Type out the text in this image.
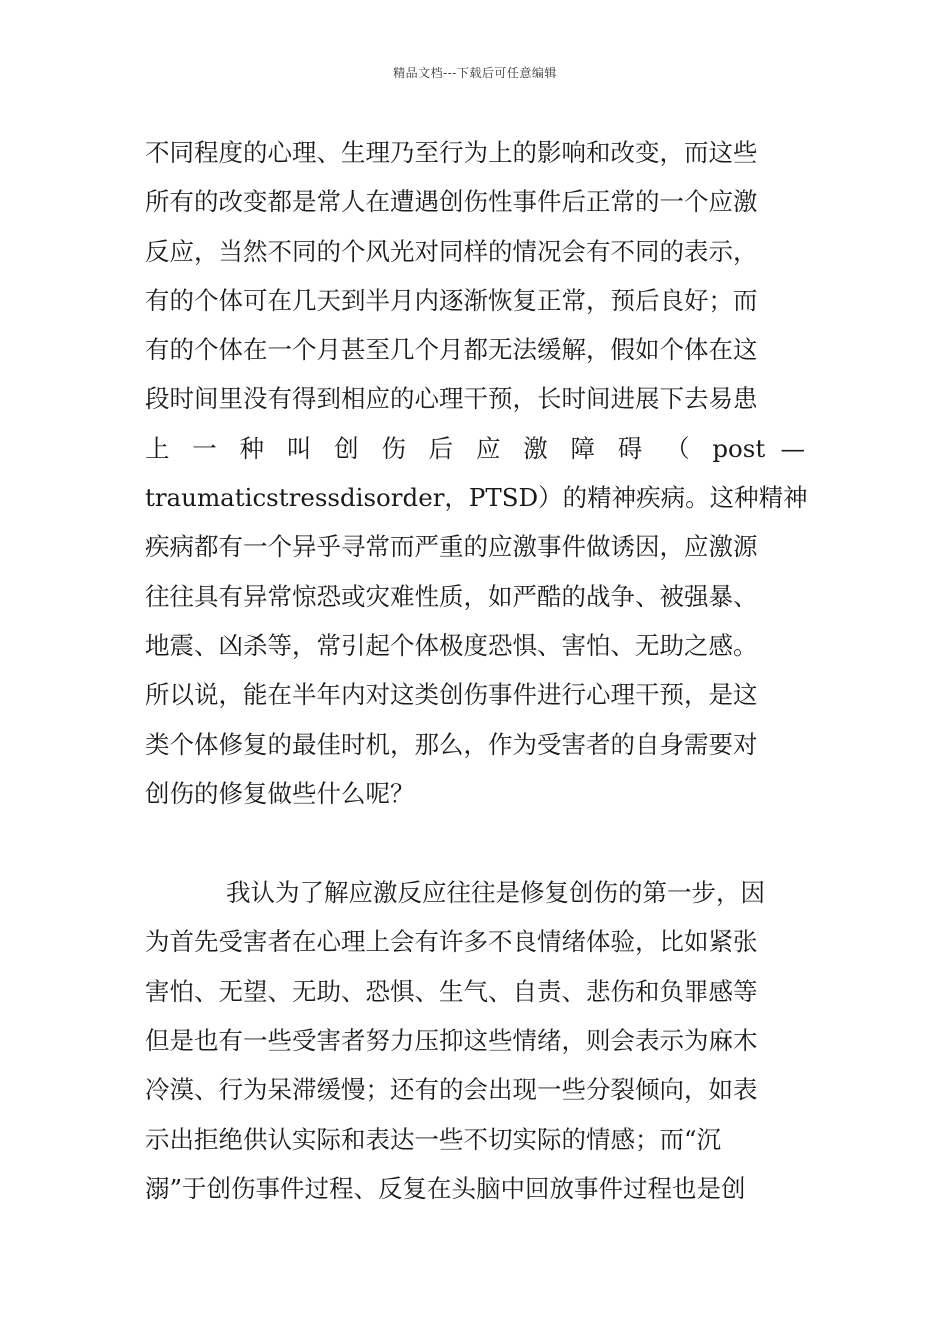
精品文档---下载后可任意编辑
不同程度的心理、生理乃至行为上的影响和改变，而这些
所有的改变都是常人在遭遇创伤性事件后正常的一个应激
反应，当然不同的个风光对同样的情况会有不同的表示，
有的个体可在几天到半月内逐渐恢复正常，预后良好；而
有的个体在一个月甚至几个月都无法缓解，假如个体在这
段时间里没有得到相应的心理干预，长时间进展下去易患
上 一 种 叫 创 伤 后 应 激 障 碍 （ post —
traumaticstressdisorder，PTSD）的精神疾病。这种精神
疾病都有一个异乎寻常而严重的应激事件做诱因，应激源
往往具有异常惊恐或灾难性质，如严酷的战争、被强暴、
地震、凶杀等，常引起个体极度恐惧、害怕、无助之感。
所以说，能在半年内对这类创伤事件进行心理干预，是这
类个体修复的最佳时机，那么，作为受害者的自身需要对
创伤的修复做些什么呢？
我认为了解应激反应往往是修复创伤的第一步，因
为首先受害者在心理上会有许多不良情绪体验，比如紧张
害怕、无望、无助、恐惧、生气、自责、悲伤和负罪感等
但是也有一些受害者努力压抑这些情绪，则会表示为麻木
冷漠、行为呆滞缓慢；还有的会出现一些分裂倾向，如表
示出拒绝供认实际和表达一些不切实际的情感；而“沉
溺”于创伤事件过程、反复在头脑中回放事件过程也是创
